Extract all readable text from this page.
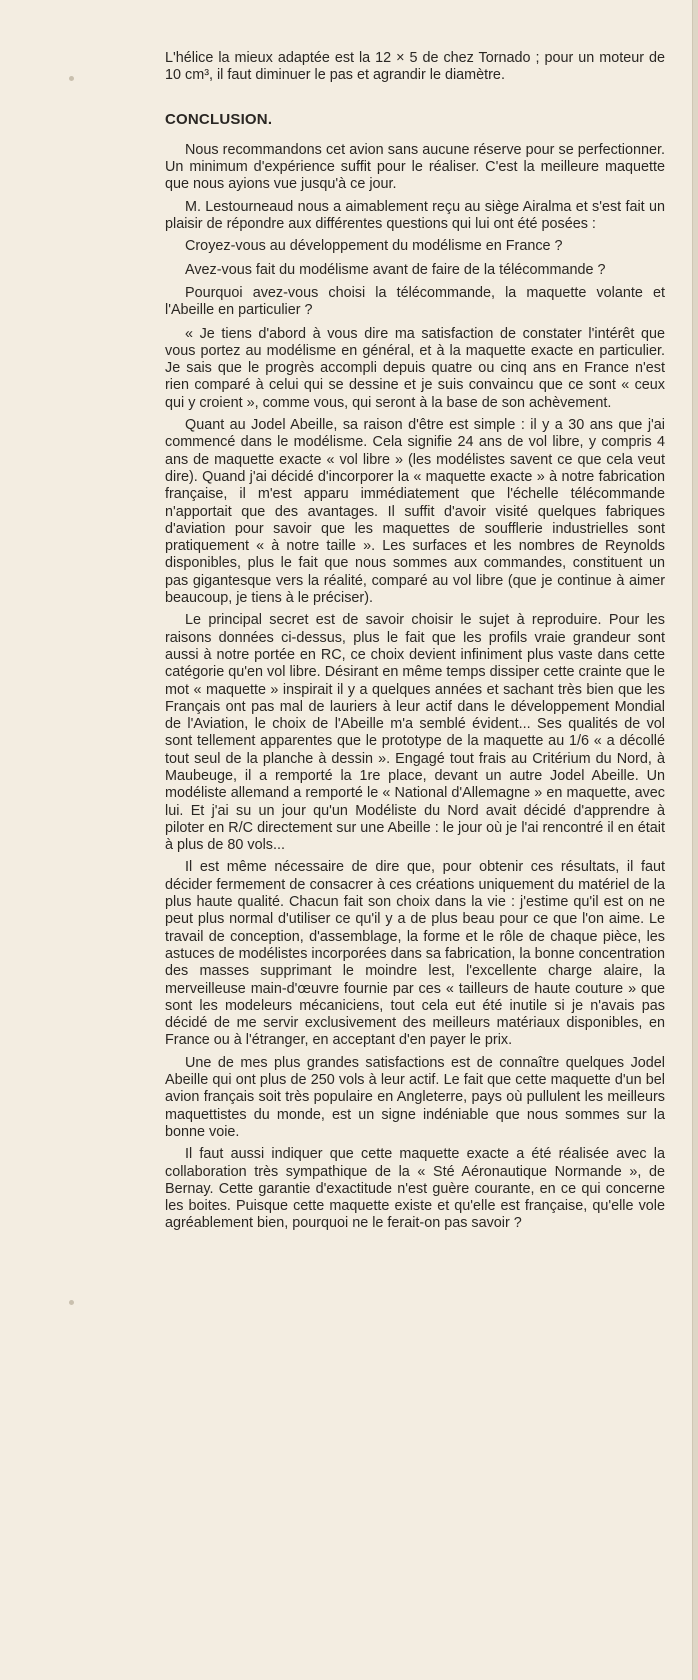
L'hélice la mieux adaptée est la 12 × 5 de chez Tornado ; pour un moteur de 10 cm³, il faut diminuer le pas et agrandir le diamètre.

CONCLUSION.

Nous recommandons cet avion sans aucune réserve pour se perfectionner. Un minimum d'expérience suffit pour le réaliser. C'est la meilleure maquette que nous ayions vue jusqu'à ce jour.

M. Lestourneaud nous a aimablement reçu au siège Airalma et s'est fait un plaisir de répondre aux différentes questions qui lui ont été posées :

Croyez-vous au développement du modélisme en France ?

Avez-vous fait du modélisme avant de faire de la télécommande ?

Pourquoi avez-vous choisi la télécommande, la maquette volante et l'Abeille en particulier ?

« Je tiens d'abord à vous dire ma satisfaction de constater l'intérêt que vous portez au modélisme en général, et à la maquette exacte en particulier. Je sais que le progrès accompli depuis quatre ou cinq ans en France n'est rien comparé à celui qui se dessine et je suis convaincu que ce sont « ceux qui y croient », comme vous, qui seront à la base de son achèvement.

Quant au Jodel Abeille, sa raison d'être est simple : il y a 30 ans que j'ai commencé dans le modélisme. Cela signifie 24 ans de vol libre, y compris 4 ans de maquette exacte « vol libre » (les modélistes savent ce que cela veut dire). Quand j'ai décidé d'incorporer la « maquette exacte » à notre fabrication française, il m'est apparu immédiatement que l'échelle télécommande n'apportait que des avantages. Il suffit d'avoir visité quelques fabriques d'aviation pour savoir que les maquettes de soufflerie industrielles sont pratiquement « à notre taille ». Les surfaces et les nombres de Reynolds disponibles, plus le fait que nous sommes aux commandes, constituent un pas gigantesque vers la réalité, comparé au vol libre (que je continue à aimer beaucoup, je tiens à le préciser).

Le principal secret est de savoir choisir le sujet à reproduire. Pour les raisons données ci-dessus, plus le fait que les profils vraie grandeur sont aussi à notre portée en RC, ce choix devient infiniment plus vaste dans cette catégorie qu'en vol libre. Désirant en même temps dissiper cette crainte que le mot « maquette » inspirait il y a quelques années et sachant très bien que les Français ont pas mal de lauriers à leur actif dans le développement Mondial de l'Aviation, le choix de l'Abeille m'a semblé évident... Ses qualités de vol sont tellement apparentes que le prototype de la maquette au 1/6 « a décollé tout seul de la planche à dessin ». Engagé tout frais au Critérium du Nord, à Maubeuge, il a remporté la 1re place, devant un autre Jodel Abeille. Un modéliste allemand a remporté le « National d'Allemagne » en maquette, avec lui. Et j'ai su un jour qu'un Modéliste du Nord avait décidé d'apprendre à piloter en R/C directement sur une Abeille : le jour où je l'ai rencontré il en était à plus de 80 vols...

Il est même nécessaire de dire que, pour obtenir ces résultats, il faut décider fermement de consacrer à ces créations uniquement du matériel de la plus haute qualité. Chacun fait son choix dans la vie : j'estime qu'il est on ne peut plus normal d'utiliser ce qu'il y a de plus beau pour ce que l'on aime. Le travail de conception, d'assemblage, la forme et le rôle de chaque pièce, les astuces de modélistes incorporées dans sa fabrication, la bonne concentration des masses supprimant le moindre lest, l'excellente charge alaire, la merveilleuse main-d'œuvre fournie par ces « tailleurs de haute couture » que sont les modeleurs mécaniciens, tout cela eut été inutile si je n'avais pas décidé de me servir exclusivement des meilleurs matériaux disponibles, en France ou à l'étranger, en acceptant d'en payer le prix.

Une de mes plus grandes satisfactions est de connaître quelques Jodel Abeille qui ont plus de 250 vols à leur actif. Le fait que cette maquette d'un bel avion français soit très populaire en Angleterre, pays où pullulent les meilleurs maquettistes du monde, est un signe indéniable que nous sommes sur la bonne voie.

Il faut aussi indiquer que cette maquette exacte a été réalisée avec la collaboration très sympathique de la « Sté Aéronautique Normande », de Bernay. Cette garantie d'exactitude n'est guère courante, en ce qui concerne les boites. Puisque cette maquette existe et qu'elle est française, qu'elle vole agréablement bien, pourquoi ne le ferait-on pas savoir ?
